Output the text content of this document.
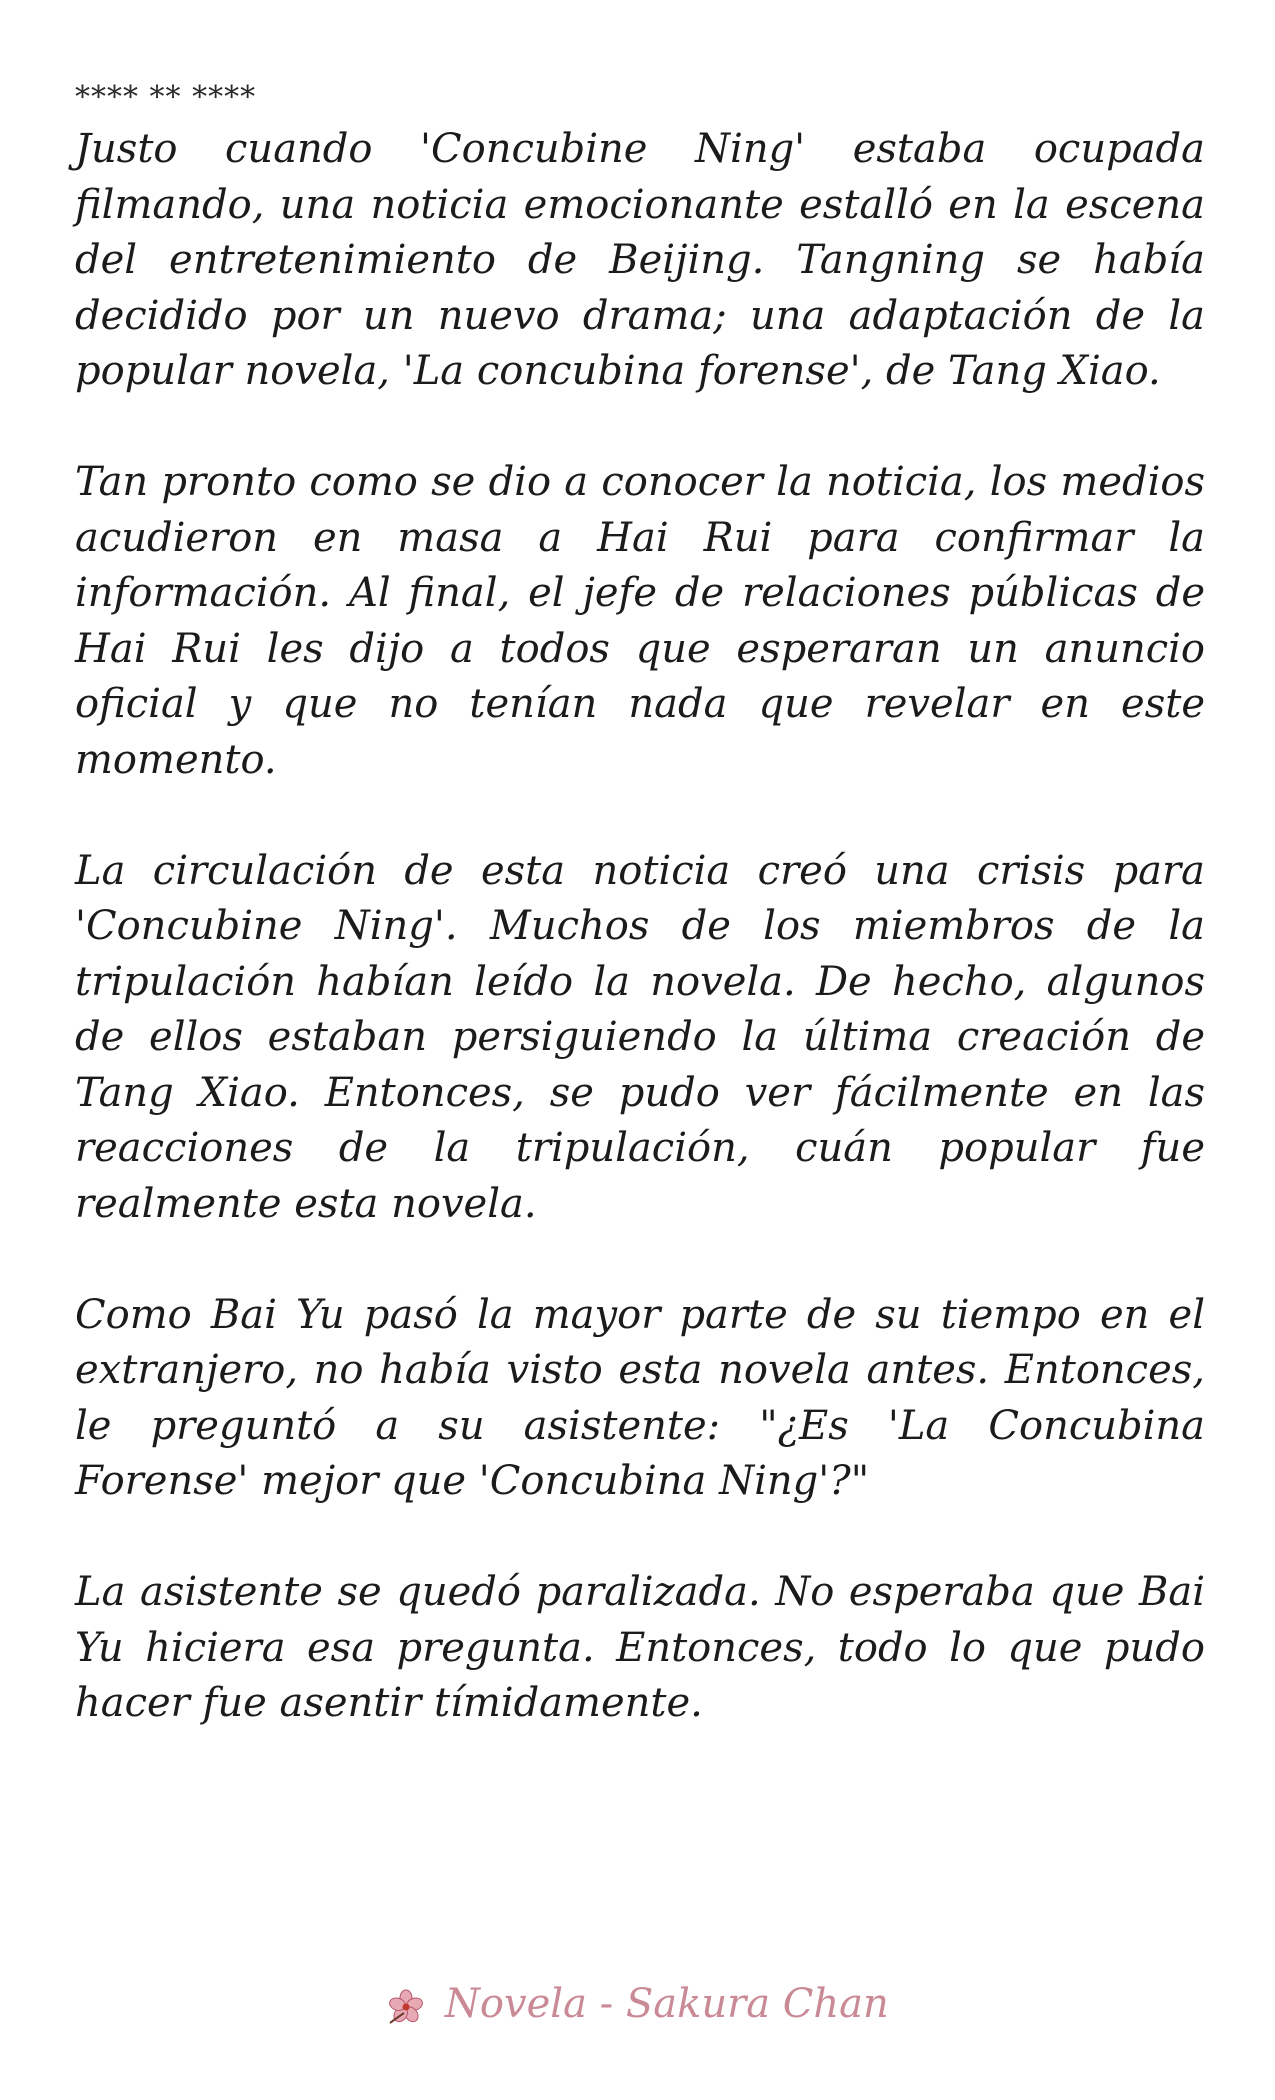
**** ** ****

Justo cuando 'Concubine Ning' estaba ocupada filmando, una noticia emocionante estalló en la escena del entretenimiento de Beijing. Tangning se había decidido por un nuevo drama; una adaptación de la popular novela, 'La concubina forense', de Tang Xiao.

Tan pronto como se dio a conocer la noticia, los medios acudieron en masa a Hai Rui para confirmar la información. Al final, el jefe de relaciones públicas de Hai Rui les dijo a todos que esperaran un anuncio oficial y que no tenían nada que revelar en este momento.

La circulación de esta noticia creó una crisis para 'Concubine Ning'. Muchos de los miembros de la tripulación habían leído la novela. De hecho, algunos de ellos estaban persiguiendo la última creación de Tang Xiao. Entonces, se pudo ver fácilmente en las reacciones de la tripulación, cuán popular fue realmente esta novela.

Como Bai Yu pasó la mayor parte de su tiempo en el extranjero, no había visto esta novela antes. Entonces, le preguntó a su asistente: "¿Es 'La Concubina Forense' mejor que 'Concubina Ning'?"

La asistente se quedó paralizada. No esperaba que Bai Yu hiciera esa pregunta. Entonces, todo lo que pudo hacer fue asentir tímidamente.

Novela - Sakura Chan
